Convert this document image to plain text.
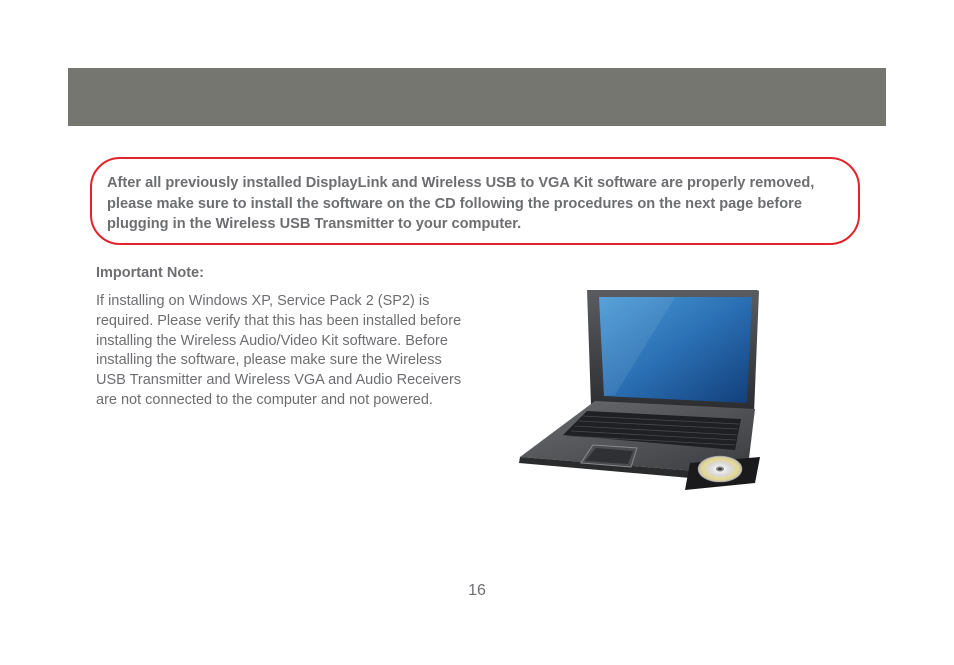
After all previously installed DisplayLink and Wireless USB to VGA Kit software are properly removed, please make sure to install the software on the CD following the procedures on the next page before plugging in the Wireless USB Transmitter to your computer.

Important Note:

If installing on Windows XP, Service Pack 2 (SP2) is required. Please verify that this has been installed before installing the Wireless Audio/Video Kit software. Before installing the software, please make sure the Wireless USB Transmitter and Wireless VGA and Audio Receivers are not connected to the computer and not powered.

16
